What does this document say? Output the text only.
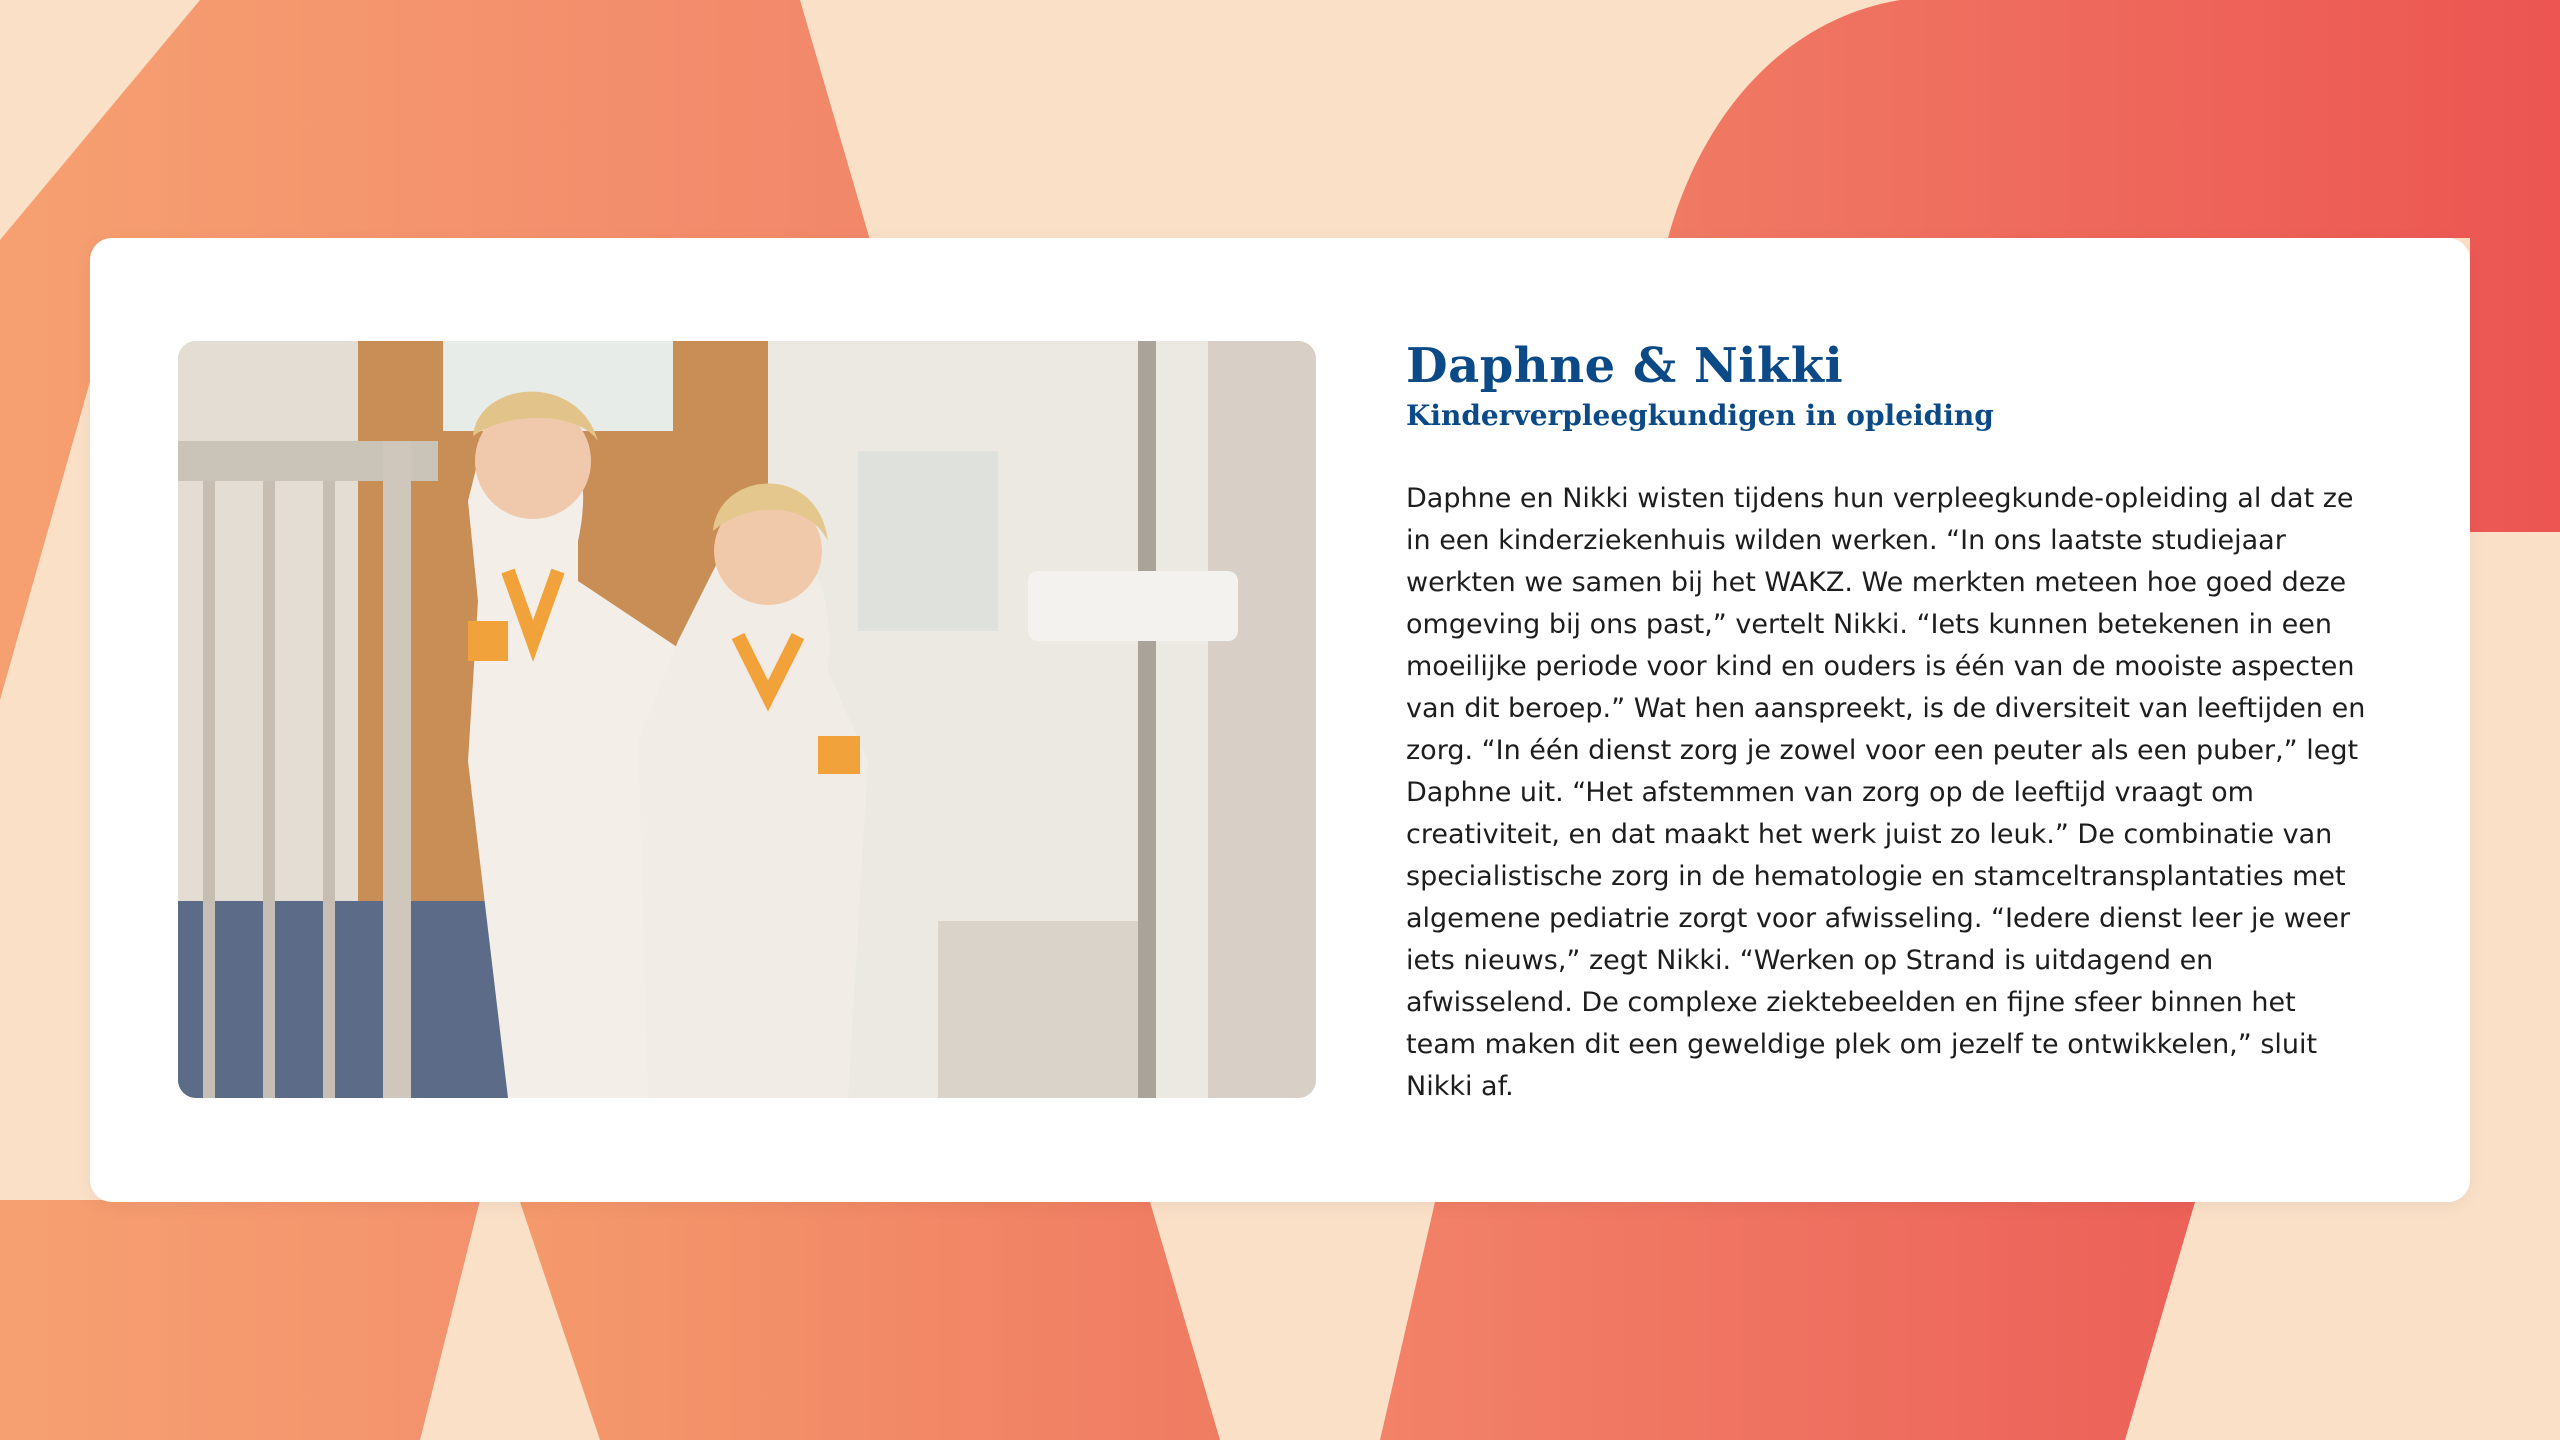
Daphne & Nikki
Kinderverpleegkundigen in opleiding

Daphne en Nikki wisten tijdens hun verpleegkunde-opleiding al dat ze in een kinderziekenhuis wilden werken. “In ons laatste studiejaar werkten we samen bij het WAKZ. We merkten meteen hoe goed deze omgeving bij ons past,” vertelt Nikki. “Iets kunnen betekenen in een moeilijke periode voor kind en ouders is één van de mooiste aspecten van dit beroep.” Wat hen aanspreekt, is de diversiteit van leeftijden en zorg. “In één dienst zorg je zowel voor een peuter als een puber,” legt Daphne uit. “Het afstemmen van zorg op de leeftijd vraagt om creativiteit, en dat maakt het werk juist zo leuk.” De combinatie van specialistische zorg in de hematologie en stamceltransplantaties met algemene pediatrie zorgt voor afwisseling. “Iedere dienst leer je weer iets nieuws,” zegt Nikki. “Werken op Strand is uitdagend en afwisselend. De complexe ziektebeelden en fijne sfeer binnen het team maken dit een geweldige plek om jezelf te ontwikkelen,” sluit Nikki af.
